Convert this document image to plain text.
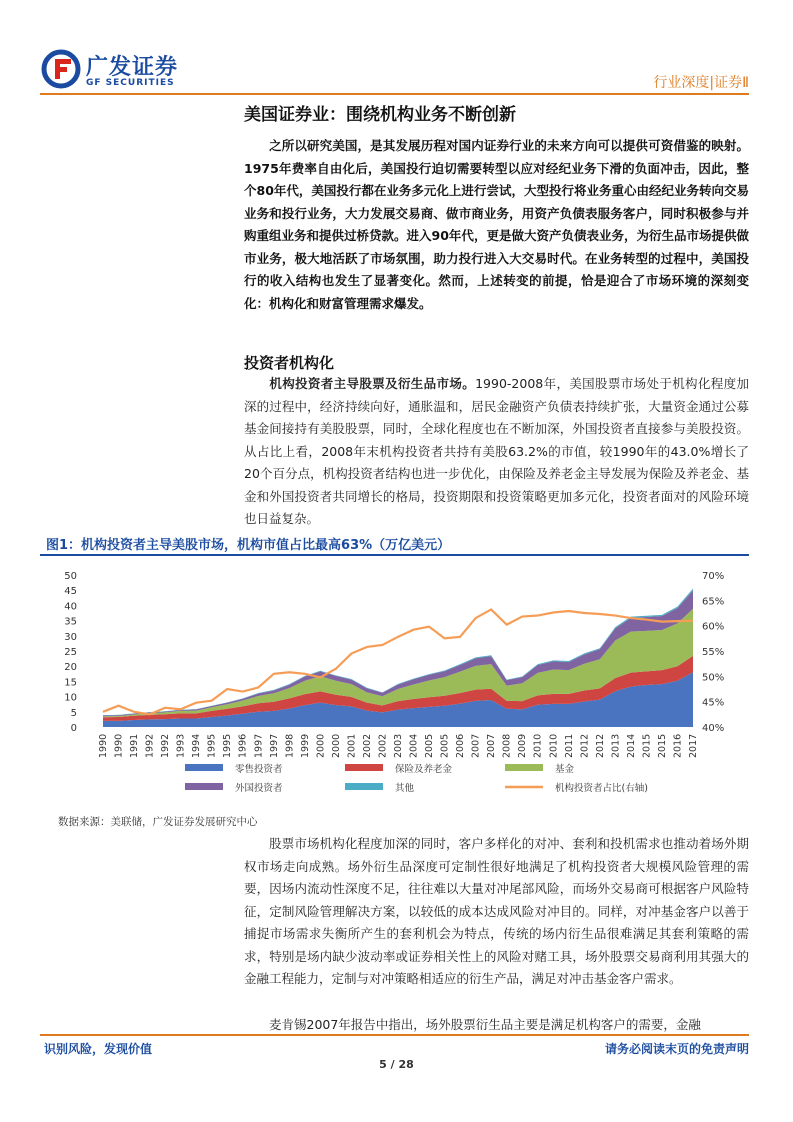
广发证券
GF SECURITIES	行业深度|证券Ⅱ
美国证券业：围绕机构业务不断创新
之所以研究美国，是其发展历程对国内证券行业的未来方向可以提供可资借鉴的映射。1975年费率自由化后，美国投行迫切需要转型以应对经纪业务下滑的负面冲击，因此，整个80年代，美国投行都在业务多元化上进行尝试，大型投行将业务重心由经纪业务转向交易业务和投行业务，大力发展交易商、做市商业务，用资产负债表服务客户，同时积极参与并购重组业务和提供过桥贷款。进入90年代，更是做大资产负债表业务，为衍生品市场提供做市业务，极大地活跃了市场氛围，助力投行进入大交易时代。在业务转型的过程中，美国投行的收入结构也发生了显著变化。然而，上述转变的前提，恰是迎合了市场环境的深刻变化：机构化和财富管理需求爆发。
投资者机构化
机构投资者主导股票及衍生品市场。1990-2008年，美国股票市场处于机构化程度加深的过程中，经济持续向好，通胀温和，居民金融资产负债表持续扩张，大量资金通过公募基金间接持有美股股票，同时，全球化程度也在不断加深，外国投资者直接参与美股投资。从占比上看，2008年末机构投资者共持有美股63.2%的市值，较1990年的43.0%增长了20个百分点，机构投资者结构也进一步优化，由保险及养老金主导发展为保险及养老金、基金和外国投资者共同增长的格局，投资期限和投资策略更加多元化，投资者面对的风险环境也日益复杂。
图1：机构投资者主导美股市场，机构市值占比最高63%（万亿美元）
0
5
10
15
20
25
30
35
40
45
50
40%
45%
50%
55%
60%
65%
70%
1990 1990 1991 1992 1992 1993 1994 1995 1995 1996 1997 1997 1998 1999 2000 2000 2001 2002 2002 2003 2004 2005 2005 2006 2007 2007 2008 2009 2010 2010 2011 2012 2012 2013 2014 2015 2015 2016 2017
零售投资者	保险及养老金	基金
外国投资者	其他	机构投资者占比(右轴)
数据来源：美联储，广发证券发展研究中心
股票市场机构化程度加深的同时，客户多样化的对冲、套利和投机需求也推动着场外期权市场走向成熟。场外衍生品深度可定制性很好地满足了机构投资者大规模风险管理的需要，因场内流动性深度不足，往往难以大量对冲尾部风险，而场外交易商可根据客户风险特征，定制风险管理解决方案，以较低的成本达成风险对冲目的。同样，对冲基金客户以善于捕捉市场需求失衡所产生的套利机会为特点，传统的场内衍生品很难满足其套利策略的需求，特别是场内缺少波动率或证券相关性上的风险对赌工具，场外股票交易商利用其强大的金融工程能力，定制与对冲策略相适应的衍生产品，满足对冲击基金客户需求。
麦肯锡2007年报告中指出，场外股票衍生品主要是满足机构客户的需要，金融
识别风险，发现价值	请务必阅读末页的免责声明
5 / 28
